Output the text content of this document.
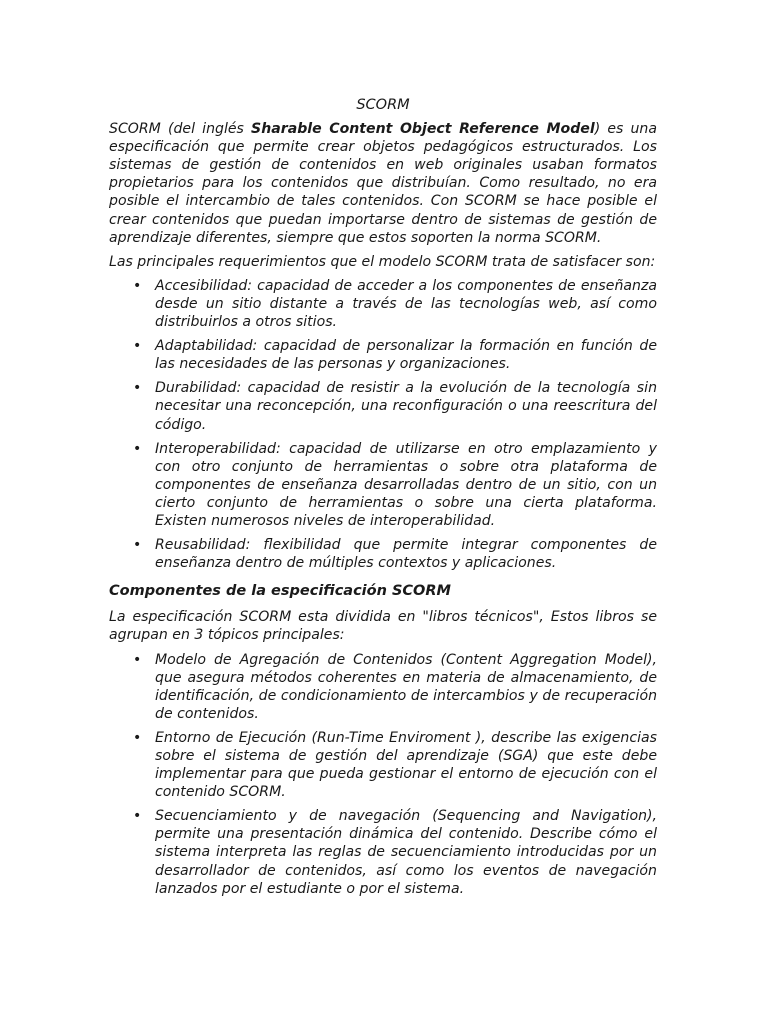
SCORM

SCORM (del inglés Sharable Content Object Reference Model) es una especificación que permite crear objetos pedagógicos estructurados. Los sistemas de gestión de contenidos en web originales usaban formatos propietarios para los contenidos que distribuían. Como resultado, no era posible el intercambio de tales contenidos. Con SCORM se hace posible el crear contenidos que puedan importarse dentro de sistemas de gestión de aprendizaje diferentes, siempre que estos soporten la norma SCORM.

Las principales requerimientos que el modelo SCORM trata de satisfacer son:

• Accesibilidad: capacidad de acceder a los componentes de enseñanza desde un sitio distante a través de las tecnologías web, así como distribuirlos a otros sitios.
• Adaptabilidad: capacidad de personalizar la formación en función de las necesidades de las personas y organizaciones.
• Durabilidad: capacidad de resistir a la evolución de la tecnología sin necesitar una reconcepción, una reconfiguración o una reescritura del código.
• Interoperabilidad: capacidad de utilizarse en otro emplazamiento y con otro conjunto de herramientas o sobre otra plataforma de componentes de enseñanza desarrolladas dentro de un sitio, con un cierto conjunto de herramientas o sobre una cierta plataforma. Existen numerosos niveles de interoperabilidad.
• Reusabilidad: flexibilidad que permite integrar componentes de enseñanza dentro de múltiples contextos y aplicaciones.
Componentes de la especificación SCORM

La especificación SCORM esta dividida en "libros técnicos", Estos libros se agrupan en 3 tópicos principales:

• Modelo de Agregación de Contenidos (Content Aggregation Model), que asegura métodos coherentes en materia de almacenamiento, de identificación, de condicionamiento de intercambios y de recuperación de contenidos.
• Entorno de Ejecución (Run-Time Enviroment ), describe las exigencias sobre el sistema de gestión del aprendizaje (SGA) que este debe implementar para que pueda gestionar el entorno de ejecución con el contenido SCORM.
• Secuenciamiento y de navegación (Sequencing and Navigation), permite una presentación dinámica del contenido. Describe cómo el sistema interpreta las reglas de secuenciamiento introducidas por un desarrollador de contenidos, así como los eventos de navegación lanzados por el estudiante o por el sistema.
